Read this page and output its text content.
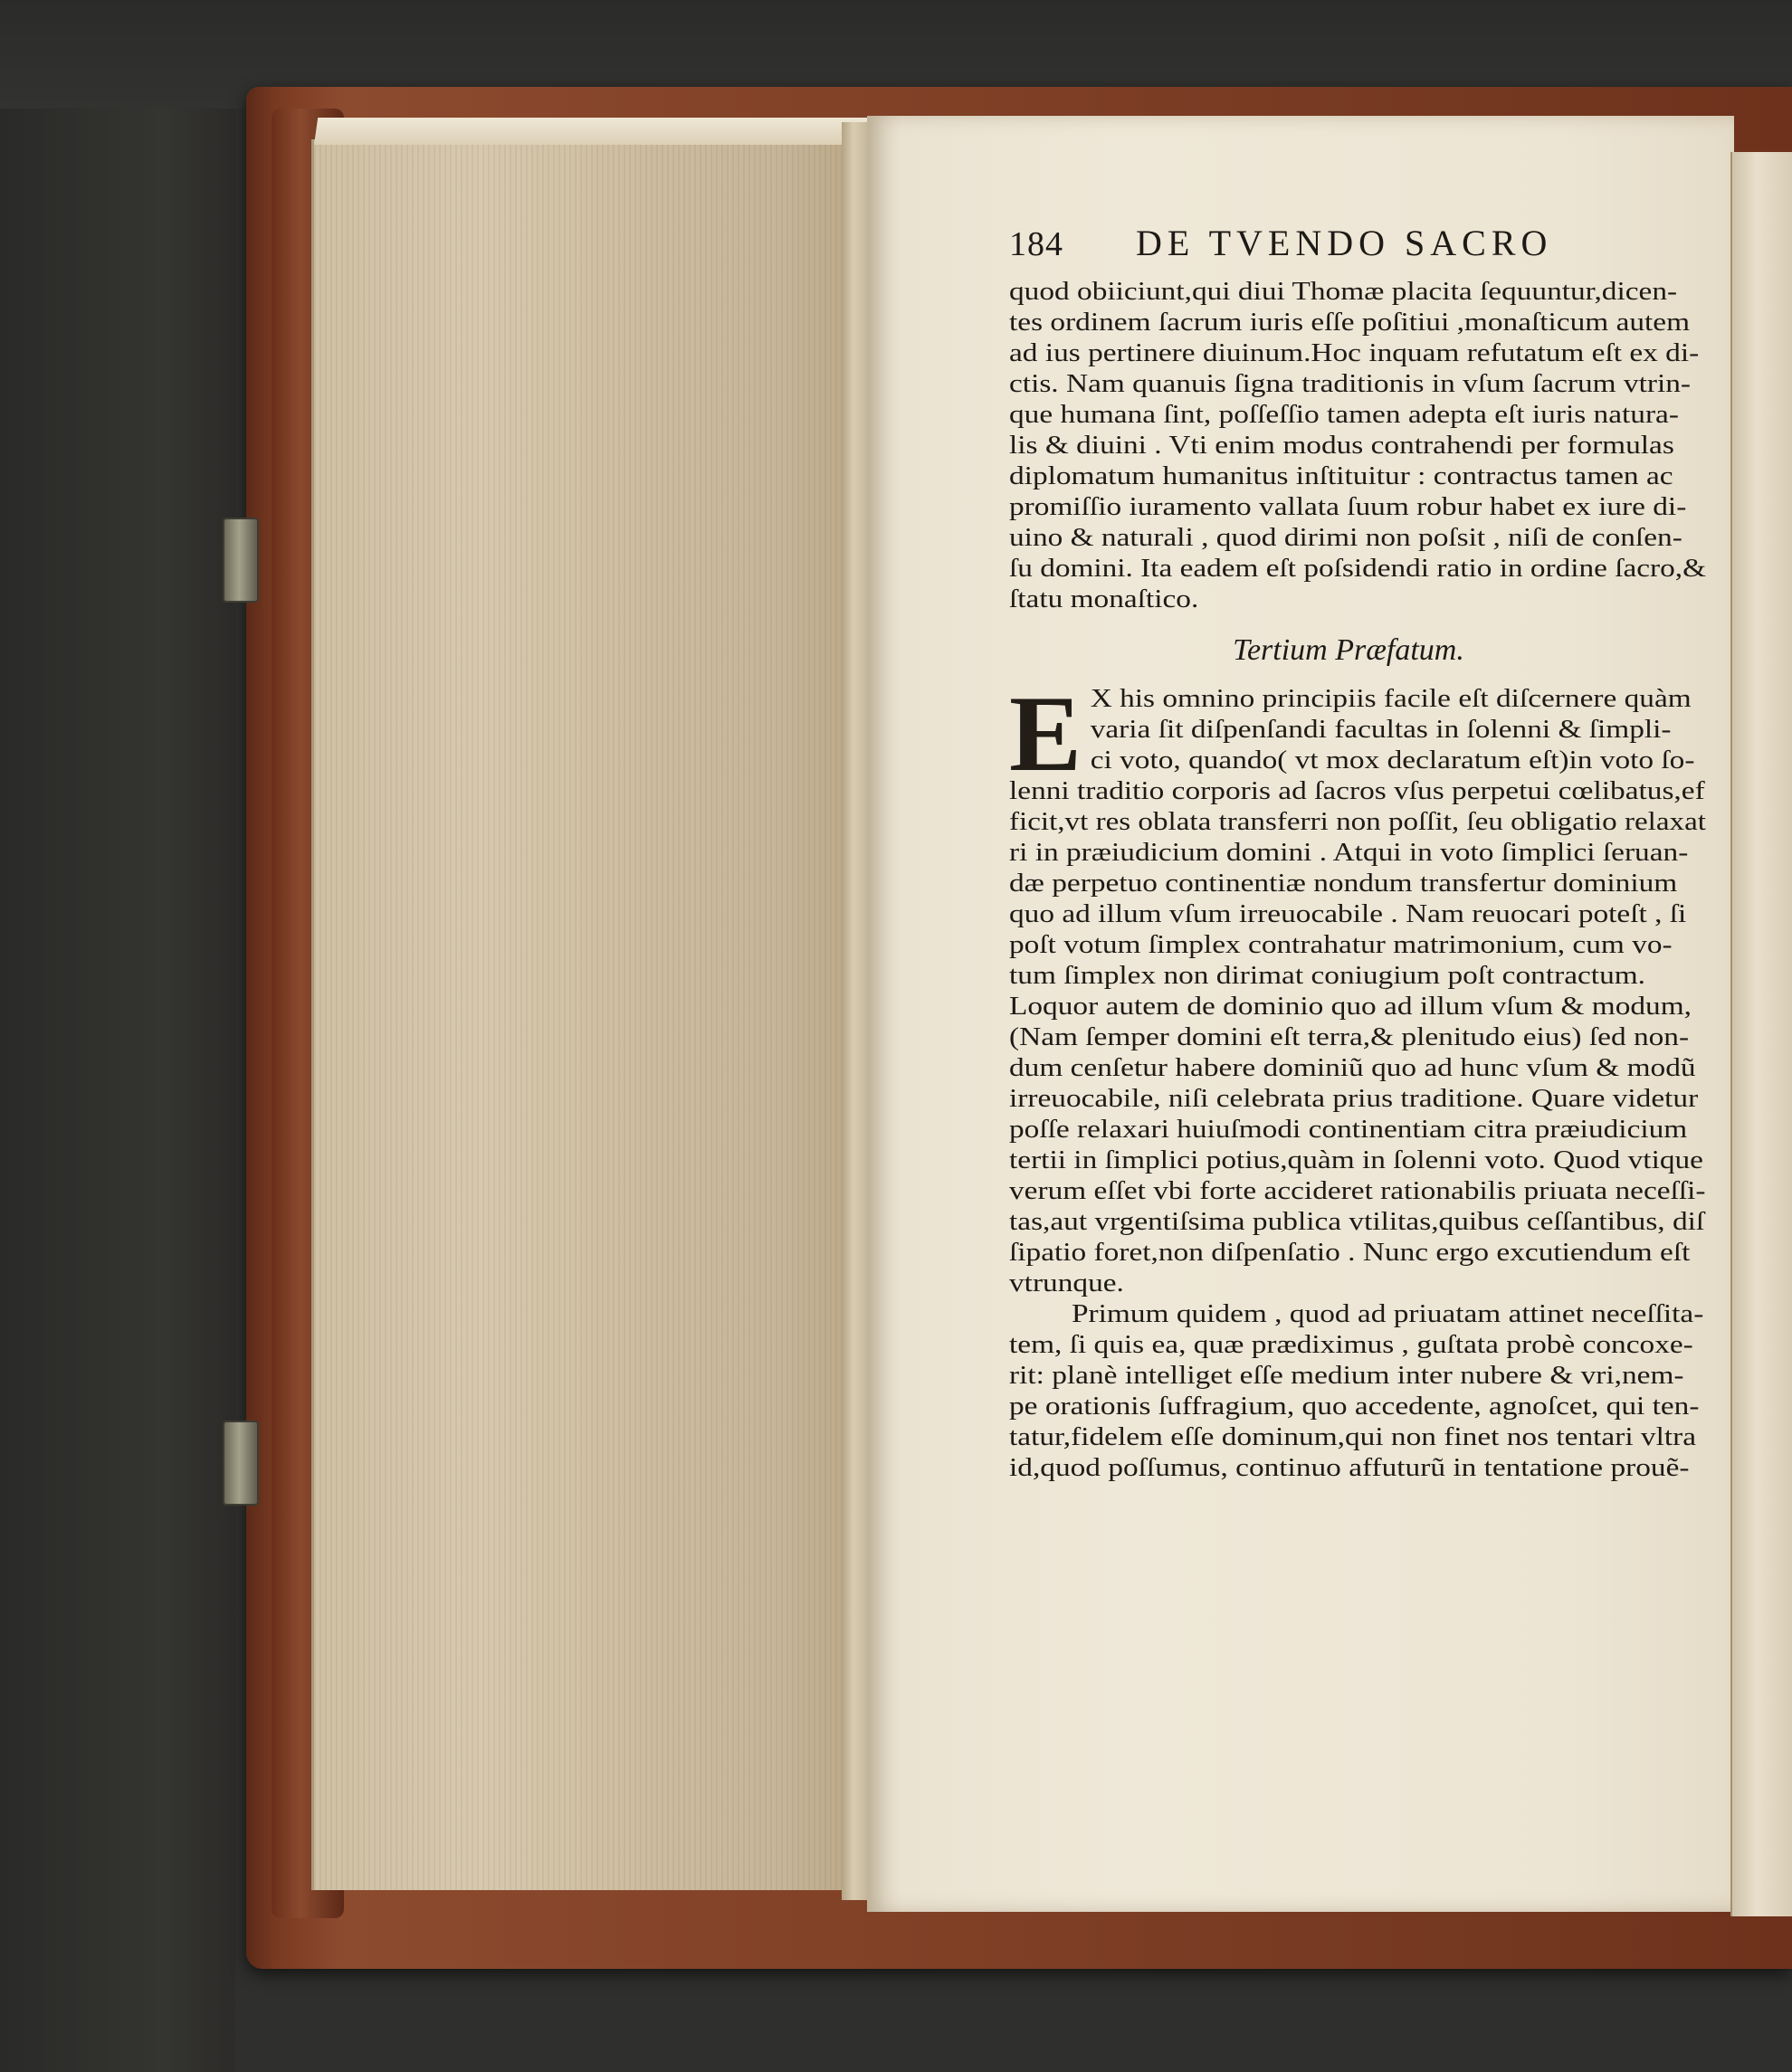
184	DE TVENDO SACRO
quod obiiciunt,qui diui Thomæ placita ſequuntur,dicen-
tes ordinem ſacrum iuris eſſe poſitiui ,monaſticum autem
ad ius pertinere diuinum.Hoc inquam refutatum eſt ex di-
ctis. Nam quanuis ſigna traditionis in vſum ſacrum vtrin-
que humana ſint, poſſeſſio tamen adepta eſt iuris natura-
lis & diuini . Vti enim modus contrahendi per formulas
diplomatum humanitus inſtituitur : contractus tamen ac
promiſſio iuramento vallata ſuum robur habet ex iure di-
uino & naturali , quod dirimi non poſsit , niſi de conſen-
ſu domini. Ita eadem eſt poſsidendi ratio in ordine ſacro,&
ſtatu monaſtico.
Tertium Præfatum.
E X his omnino principiis facile eſt diſcernere quàm
varia ſit diſpenſandi facultas in ſolenni & ſimpli-
ci voto, quando( vt mox declaratum eſt)in voto ſo-
lenni traditio corporis ad ſacros vſus perpetui cœlibatus,ef
ficit,vt res oblata transferri non poſſit, ſeu obligatio relaxat
ri in præiudicium domini . Atqui in voto ſimplici ſeruan-
dæ perpetuo continentiæ nondum transfertur dominium
quo ad illum vſum irreuocabile . Nam reuocari poteſt , ſi
poſt votum ſimplex contrahatur matrimonium, cum vo-
tum ſimplex non dirimat coniugium poſt contractum.
Loquor autem de dominio quo ad illum vſum & modum,
(Nam ſemper domini eſt terra,& plenitudo eius) ſed non-
dum cenſetur habere dominiũ quo ad hunc vſum & modũ
irreuocabile, niſi celebrata prius traditione. Quare videtur
poſſe relaxari huiuſmodi continentiam citra præiudicium
tertii in ſimplici potius,quàm in ſolenni voto. Quod vtique
verum eſſet vbi forte accideret rationabilis priuata neceſſi-
tas,aut vrgentiſsima publica vtilitas,quibus ceſſantibus, diſ
ſipatio foret,non diſpenſatio . Nunc ergo excutiendum eſt
vtrunque.
Primum quidem , quod ad priuatam attinet neceſſita-
tem, ſi quis ea, quæ prædiximus , guſtata probè concoxe-
rit: planè intelliget eſſe medium inter nubere & vri,nem-
pe orationis ſuffragium, quo accedente, agnoſcet, qui ten-
tatur,fidelem eſſe dominum,qui non finet nos tentari vltra
id,quod poſſumus, continuo affuturũ in tentatione prouẽ-
